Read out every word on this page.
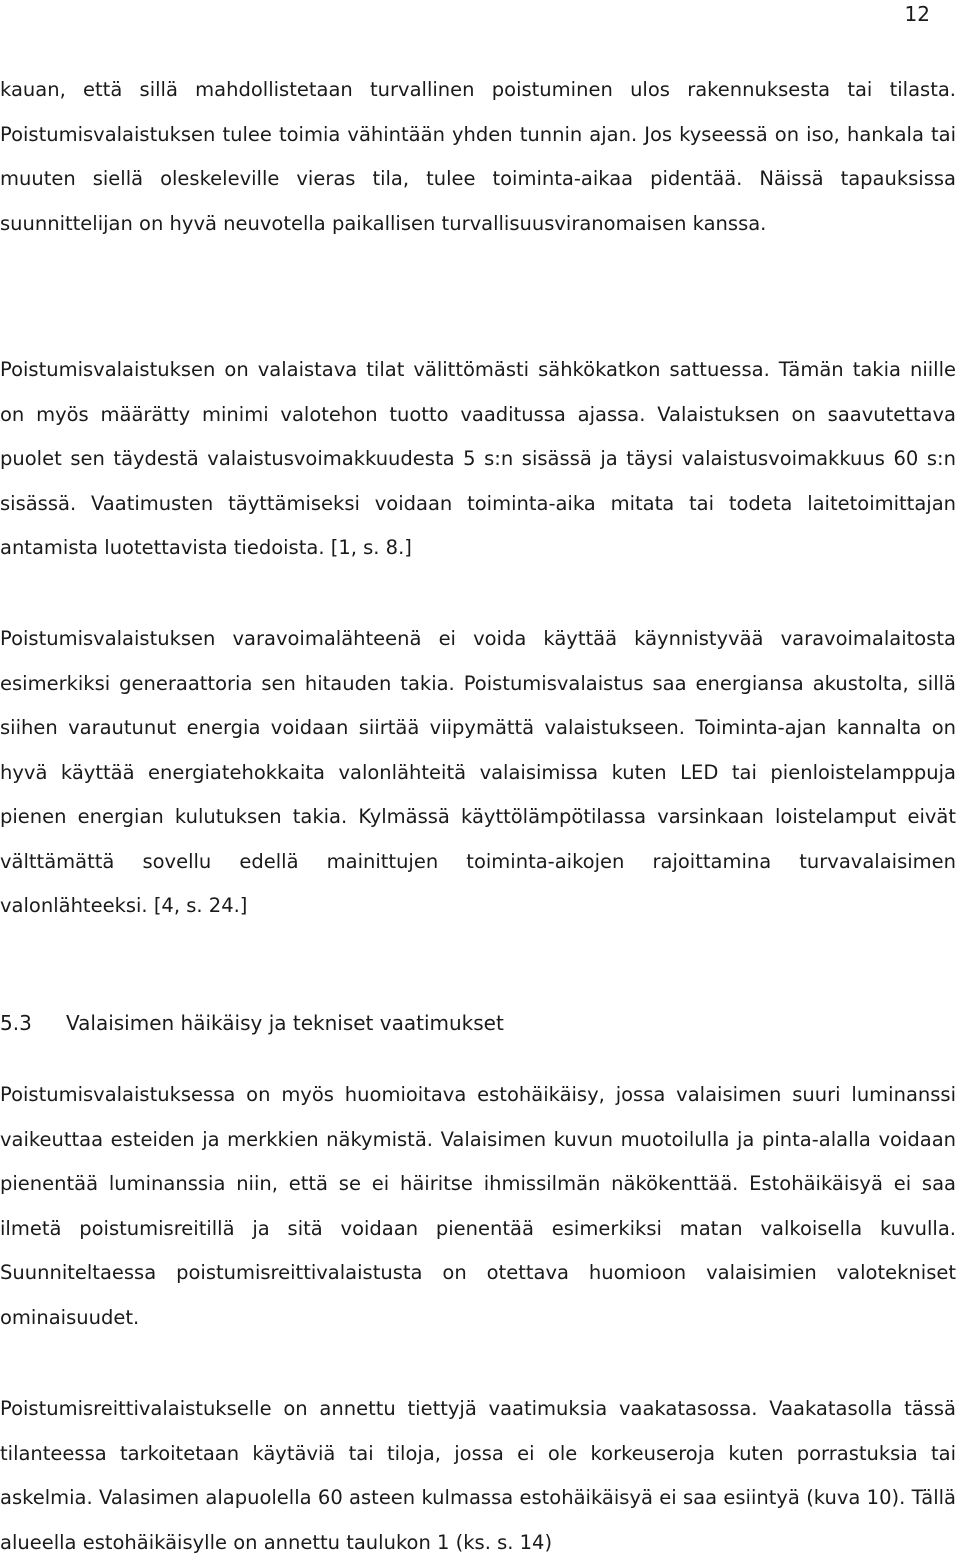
12

kauan, että sillä mahdollistetaan turvallinen poistuminen ulos rakennuksesta tai tilasta. Poistumisvalaistuksen tulee toimia vähintään yhden tunnin ajan. Jos kyseessä on iso, hankala tai muuten siellä oleskeleville vieras tila, tulee toiminta-aikaa pidentää. Näissä tapauksissa suunnittelijan on hyvä neuvotella paikallisen turvallisuusviranomaisen kanssa.

Poistumisvalaistuksen on valaistava tilat välittömästi sähkökatkon sattuessa. Tämän takia niille on myös määrätty minimi valotehon tuotto vaaditussa ajassa. Valaistuksen on saavutettava puolet sen täydestä valaistusvoimakkuudesta 5 s:n sisässä ja täysi valaistusvoimakkuus 60 s:n sisässä. Vaatimusten täyttämiseksi voidaan toiminta-aika mitata tai todeta laitetoimittajan antamista luotettavista tiedoista. [1, s. 8.]

Poistumisvalaistuksen varavoimalähteenä ei voida käyttää käynnistyvää varavoimalaitosta esimerkiksi generaattoria sen hitauden takia. Poistumisvalaistus saa energiansa akustolta, sillä siihen varautunut energia voidaan siirtää viipymättä valaistukseen. Toiminta-ajan kannalta on hyvä käyttää energiatehokkaita valonlähteitä valaisimissa kuten LED tai pienloistelamppuja pienen energian kulutuksen takia. Kylmässä käyttölämpötilassa varsinkaan loistelamput eivät välttämättä sovellu edellä mainittujen toiminta-aikojen rajoittamina turvavalaisimen valonlähteeksi. [4, s. 24.]

5.3 Valaisimen häikäisy ja tekniset vaatimukset

Poistumisvalaistuksessa on myös huomioitava estohäikäisy, jossa valaisimen suuri luminanssi vaikeuttaa esteiden ja merkkien näkymistä. Valaisimen kuvun muotoilulla ja pinta-alalla voidaan pienentää luminanssia niin, että se ei häiritse ihmissilmän näkökenttää. Estohäikäisyä ei saa ilmetä poistumisreitillä ja sitä voidaan pienentää esimerkiksi matan valkoisella kuvulla. Suunniteltaessa poistumisreittivalaistusta on otettava huomioon valaisimien valotekniset ominaisuudet.

Poistumisreittivalaistukselle on annettu tiettyjä vaatimuksia vaakatasossa. Vaakatasolla tässä tilanteessa tarkoitetaan käytäviä tai tiloja, jossa ei ole korkeuseroja kuten porrastuksia tai askelmia. Valasimen alapuolella 60 asteen kulmassa estohäikäisyä ei saa esiintyä (kuva 10). Tällä alueella estohäikäisylle on annettu taulukon 1 (ks. s. 14)
